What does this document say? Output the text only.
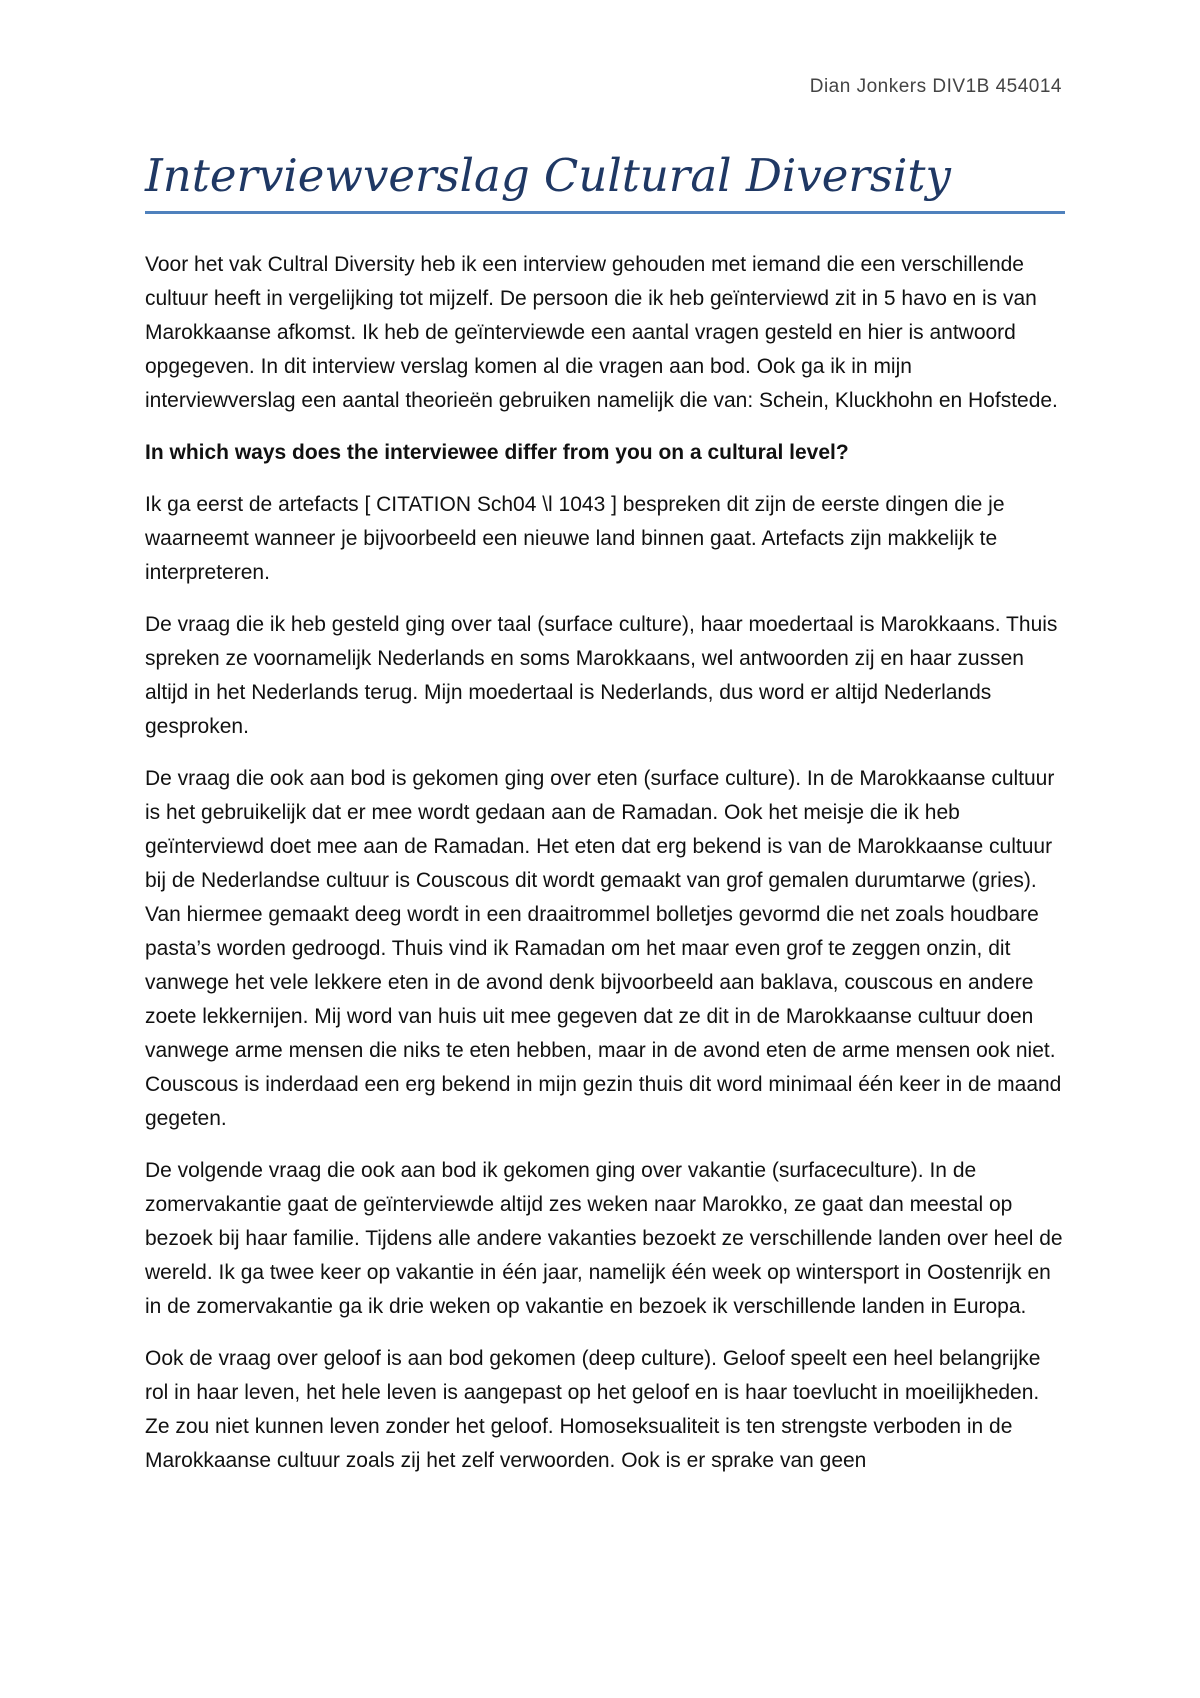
Dian Jonkers DIV1B 454014
Interviewverslag Cultural Diversity

Voor het vak Cultral Diversity heb ik een interview gehouden met iemand die een verschillende cultuur heeft in vergelijking tot mijzelf. De persoon die ik heb geïnterviewd zit in 5 havo en is van Marokkaanse afkomst. Ik heb de geïnterviewde een aantal vragen gesteld en hier is antwoord opgegeven. In dit interview verslag komen al die vragen aan bod. Ook ga ik in mijn interviewverslag een aantal theorieën gebruiken namelijk die van: Schein, Kluckhohn en Hofstede.

In which ways does the interviewee differ from you on a cultural level?

Ik ga eerst de artefacts [ CITATION Sch04 \l 1043 ] bespreken dit zijn de eerste dingen die je waarneemt wanneer je bijvoorbeeld een nieuwe land binnen gaat. Artefacts zijn makkelijk te interpreteren.

De vraag die ik heb gesteld ging over taal (surface culture), haar moedertaal is Marokkaans. Thuis spreken ze voornamelijk Nederlands en soms Marokkaans, wel antwoorden zij en haar zussen altijd in het Nederlands terug. Mijn moedertaal is Nederlands, dus word er altijd Nederlands gesproken.

De vraag die ook aan bod is gekomen ging over eten (surface culture). In de Marokkaanse cultuur is het gebruikelijk dat er mee wordt gedaan aan de Ramadan. Ook het meisje die ik heb geïnterviewd doet mee aan de Ramadan. Het eten dat erg bekend is van de Marokkaanse cultuur bij de Nederlandse cultuur is Couscous dit wordt gemaakt van grof gemalen durumtarwe (gries). Van hiermee gemaakt deeg wordt in een draaitrommel bolletjes gevormd die net zoals houdbare pasta’s worden gedroogd. Thuis vind ik Ramadan om het maar even grof te zeggen onzin, dit vanwege het vele lekkere eten in de avond denk bijvoorbeeld aan baklava, couscous en andere zoete lekkernijen. Mij word van huis uit mee gegeven dat ze dit in de Marokkaanse cultuur doen vanwege arme mensen die niks te eten hebben, maar in de avond eten de arme mensen ook niet. Couscous is inderdaad een erg bekend in mijn gezin thuis dit word minimaal één keer in de maand gegeten.

De volgende vraag die ook aan bod ik gekomen ging over vakantie (surfaceculture). In de zomervakantie gaat de geïnterviewde altijd zes weken naar Marokko, ze gaat dan meestal op bezoek bij haar familie. Tijdens alle andere vakanties bezoekt ze verschillende landen over heel de wereld. Ik ga twee keer op vakantie in één jaar, namelijk één week op wintersport in Oostenrijk en in de zomervakantie ga ik drie weken op vakantie en bezoek ik verschillende landen in Europa.

Ook de vraag over geloof is aan bod gekomen (deep culture). Geloof speelt een heel belangrijke rol in haar leven, het hele leven is aangepast op het geloof en is haar toevlucht in moeilijkheden. Ze zou niet kunnen leven zonder het geloof. Homoseksualiteit is ten strengste verboden in de Marokkaanse cultuur zoals zij het zelf verwoorden. Ook is er sprake van geen
